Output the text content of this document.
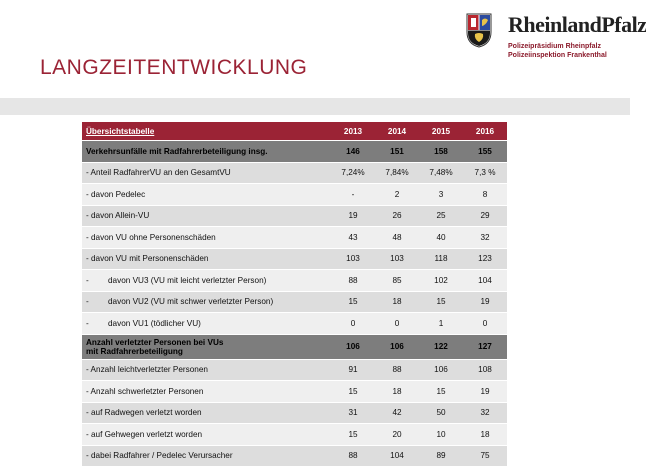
RheinlandPfalz
Polizeipräsidium Rheinpfalz
Polizeiinspektion Frankenthal
LANGZEITENTWICKLUNG
Übersichtstabelle	2013	2014	2015	2016
Verkehrsunfälle mit Radfahrerbeteiligung insg.	146	151	158	155
- Anteil RadfahrerVU an den GesamtVU	7,24%	7,84%	7,48%	7,3 %
- davon Pedelec	-	2	3	8
- davon Allein-VU	19	26	25	29
- davon VU ohne Personenschäden	43	48	40	32
- davon VU mit Personenschäden	103	103	118	123
- davon VU3 (VU mit leicht verletzter Person)	88	85	102	104
- davon VU2 (VU mit schwer verletzter Person)	15	18	15	19
- davon VU1 (tödlicher VU)	0	0	1	0
Anzahl verletzter Personen bei VUs
mit Radfahrerbeteiligung	106	106	122	127
- Anzahl leichtverletzter Personen	91	88	106	108
- Anzahl schwerletzter Personen	15	18	15	19
- auf Radwegen verletzt worden	31	42	50	32
- auf Gehwegen verletzt worden	15	20	10	18
- dabei Radfahrer / Pedelec Verursacher	88	104	89	75
